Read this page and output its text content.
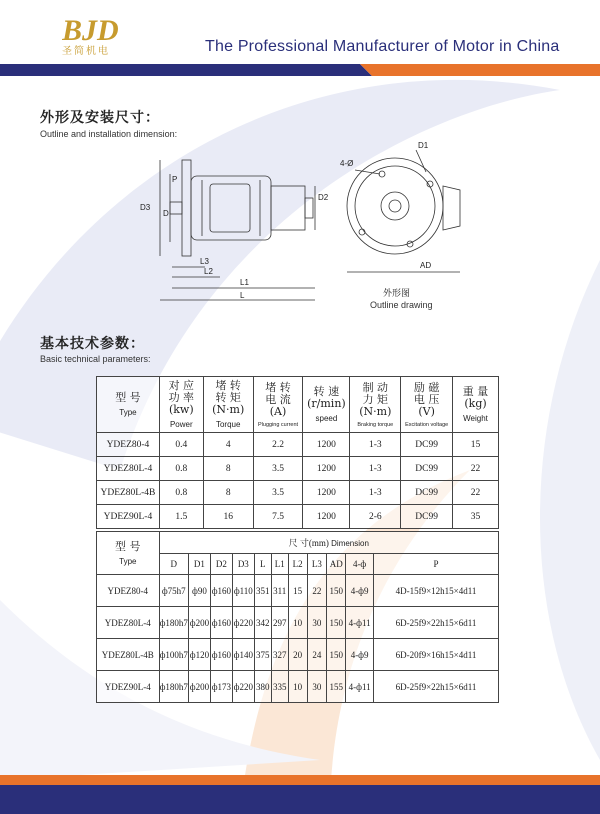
BJD
圣简机电	The Professional Manufacturer of Motor in China
外形及安装尺寸：
Outline and installation dimension:
D3
D
P
D2
L3
L2
L1
L
4-Ø
D1
AD
外形图
Outline drawing
基本技术参数：
Basic technical parameters:
型 号
Type	对 应
功 率
(kw)
Power	堵 转
转 矩
(N·m)
Torque	堵 转
电 流
(A)
Plugging current	转 速
(r/min)
speed	制 动
力 矩
(N·m)
Braking torque	励 磁
电 压
(V)
Excitation voltage	重 量
(kg)
Weight

YDEZ80-4	0.4	4	2.2	1200	1-3	DC99	15
YDEZ80L-4	0.8	8	3.5	1200	1-3	DC99	22
YDEZ80L-4B	0.8	8	3.5	1200	1-3	DC99	22
YDEZ90L-4	1.5	16	7.5	1200	2-6	DC99	35
型 号
Type	尺 寸(mm) Dimension										
	D	D1	D2	D3	L	L1	L2	L3	AD	4-ф	P
YDEZ80-4	ф75h7	ф90	ф160	ф110	351	311	15	22	150	4-ф9	4D-15f9×12h15×4d11
YDEZ80L-4	ф180h7	ф200	ф160	ф220	342	297	10	30	150	4-ф11	6D-25f9×22h15×6d11
YDEZ80L-4B	ф100h7	ф120	ф160	ф140	375	327	20	24	150	4-ф9	6D-20f9×16h15×4d11
YDEZ90L-4	ф180h7	ф200	ф173	ф220	380	335	10	30	155	4-ф11	6D-25f9×22h15×6d11
